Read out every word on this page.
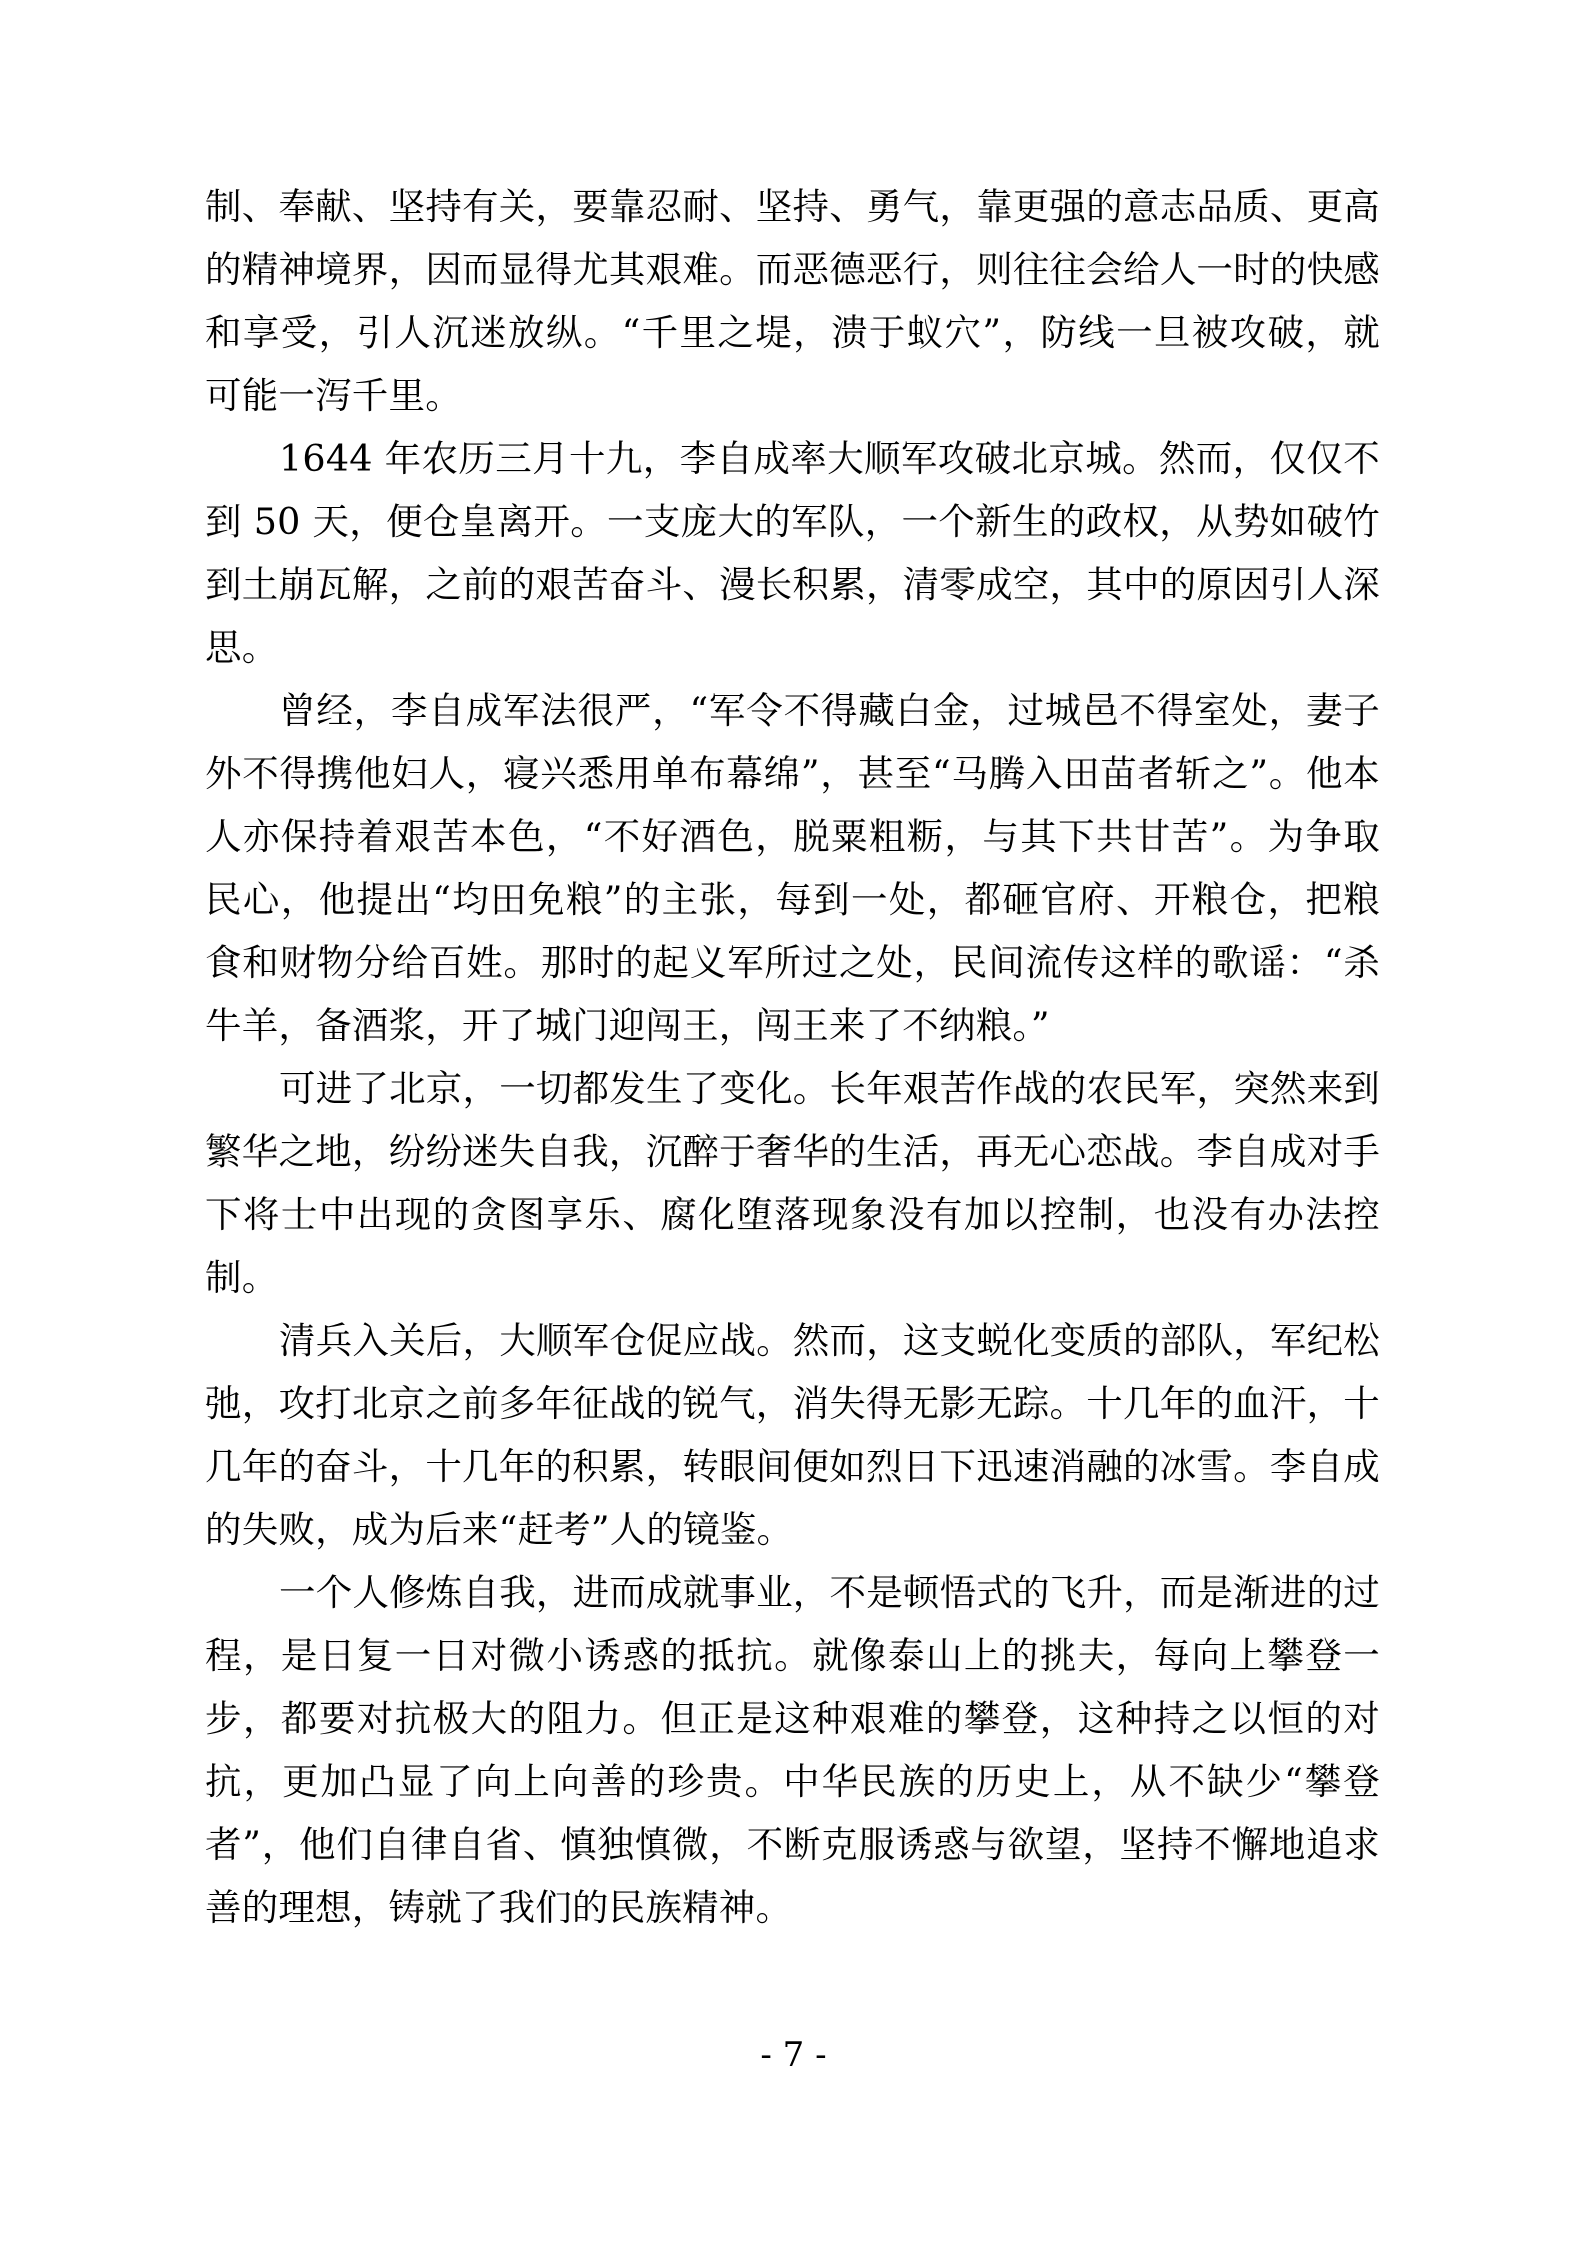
制、奉献、坚持有关，要靠忍耐、坚持、勇气，靠更强的意志品质、更高的精神境界，因而显得尤其艰难。而恶德恶行，则往往会给人一时的快感和享受，引人沉迷放纵。“千里之堤，溃于蚁穴”，防线一旦被攻破，就可能一泻千里。

1644 年农历三月十九，李自成率大顺军攻破北京城。然而，仅仅不到 50 天，便仓皇离开。一支庞大的军队，一个新生的政权，从势如破竹到土崩瓦解，之前的艰苦奋斗、漫长积累，清零成空，其中的原因引人深思。

曾经，李自成军法很严，“军令不得藏白金，过城邑不得室处，妻子外不得携他妇人，寝兴悉用单布幕绵”，甚至“马腾入田苗者斩之”。他本人亦保持着艰苦本色，“不好酒色，脱粟粗粝，与其下共甘苦”。为争取民心，他提出“均田免粮”的主张，每到一处，都砸官府、开粮仓，把粮食和财物分给百姓。那时的起义军所过之处，民间流传这样的歌谣：“杀牛羊，备酒浆，开了城门迎闯王，闯王来了不纳粮。”

可进了北京，一切都发生了变化。长年艰苦作战的农民军，突然来到繁华之地，纷纷迷失自我，沉醉于奢华的生活，再无心恋战。李自成对手下将士中出现的贪图享乐、腐化堕落现象没有加以控制，也没有办法控制。

清兵入关后，大顺军仓促应战。然而，这支蜕化变质的部队，军纪松弛，攻打北京之前多年征战的锐气，消失得无影无踪。十几年的血汗，十几年的奋斗，十几年的积累，转眼间便如烈日下迅速消融的冰雪。李自成的失败，成为后来“赶考”人的镜鉴。

一个人修炼自我，进而成就事业，不是顿悟式的飞升，而是渐进的过程，是日复一日对微小诱惑的抵抗。就像泰山上的挑夫，每向上攀登一步，都要对抗极大的阻力。但正是这种艰难的攀登，这种持之以恒的对抗，更加凸显了向上向善的珍贵。中华民族的历史上，从不缺少“攀登者”，他们自律自省、慎独慎微，不断克服诱惑与欲望，坚持不懈地追求善的理想，铸就了我们的民族精神。

- 7 -
